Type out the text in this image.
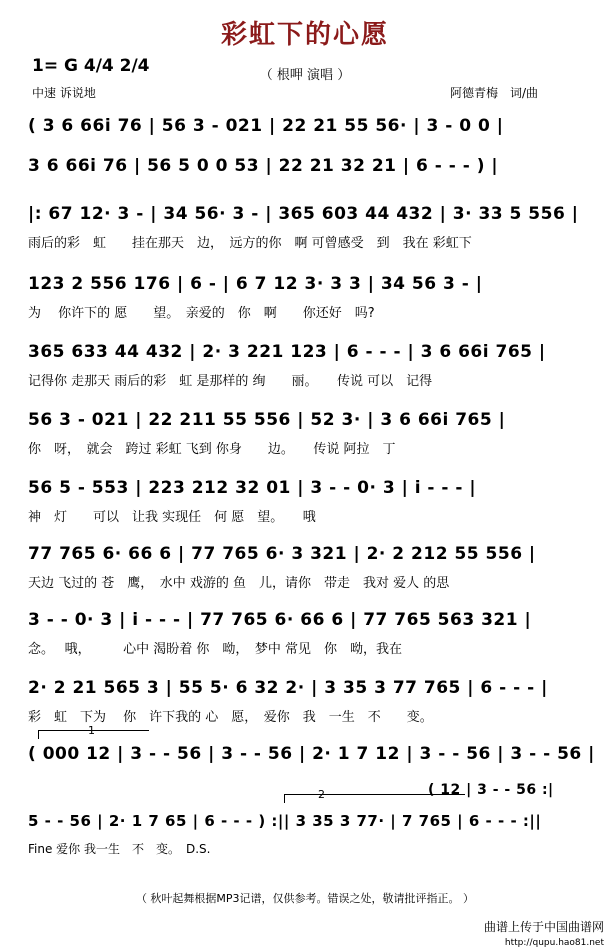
彩虹下的心愿
（ 根呷 演唱 ）
1= G 4/4 2/4
中速 诉说地	阿德青梅　词/曲
( 3 6 66i 76 | 56 3 - 021 | 22 21 55 56· | 3 - 0 0 |
3 6 66i 76 | 56 5 0 0 53 | 22 21 32 21 | 6 - - - ) |
|: 67 12· 3 - | 34 56· 3 - | 365 603 44 432 | 3· 33 5 556 |
雨后的彩　虹　　挂在那天　边，　远方的你　啊 可曾感受　到　我在 彩虹下
123 2 556 176 | 6 - | 6 7 12 3· 3 3 | 34 56 3 - |
为　 你许下的 愿　　望。　亲爱的　你　啊　　你还好　吗?
365 633 44 432 | 2· 3 221 123 | 6 - - - | 3 6 66i 765 |
记得你 走那天 雨后的彩　虹 是那样的 绚　　丽。　　传说 可以　记得
56 3 - 021 | 22 211 55 556 | 52 3· | 3 6 66i 765 |
你　呀，　就会　跨过 彩虹 飞到 你身　　边。　　传说 阿拉　丁
56 5 - 553 | 223 212 32 01 | 3 - - 0· 3 | i - - - |
神　灯　　可以　让我 实现任　何 愿　望。　　哦
77 765 6· 66 6 | 77 765 6· 3 321 | 2· 2 212 55 556 |
天边 飞过的 苍　鹰，　水中 戏游的 鱼　儿，请你　带走　我对 爱人 的思
3 - - 0· 3 | i - - - | 77 765 6· 66 6 | 77 765 563 321 |
念。　 哦，　　　心中 渴盼着 你　呦，　梦中 常见　你　呦，我在
2· 2 21 565 3 | 55 5· 6 32 2· | 3 35 3 77 765 | 6 - - - |
彩　虹　下为　 你　许下我的 心　愿，　爱你　我　一生　不　　变。
1
( 000 12 | 3 - - 56 | 3 - - 56 | 2· 1 7 12 | 3 - - 56 | 3 - - 56 |
2	( 12 | 3 - - 56 :|
5 - - 56 | 2· 1 7 65 | 6 - - - ) :|| 3 35 3 77· | 7 765 | 6 - - - :||
Fine 爱你 我一生　不　变。　D.S.
（ 秋叶起舞根据MP3记谱，仅供参考。错误之处，敬请批评指正。 ）
曲谱上传于中国曲谱网
http://qupu.hao81.net
